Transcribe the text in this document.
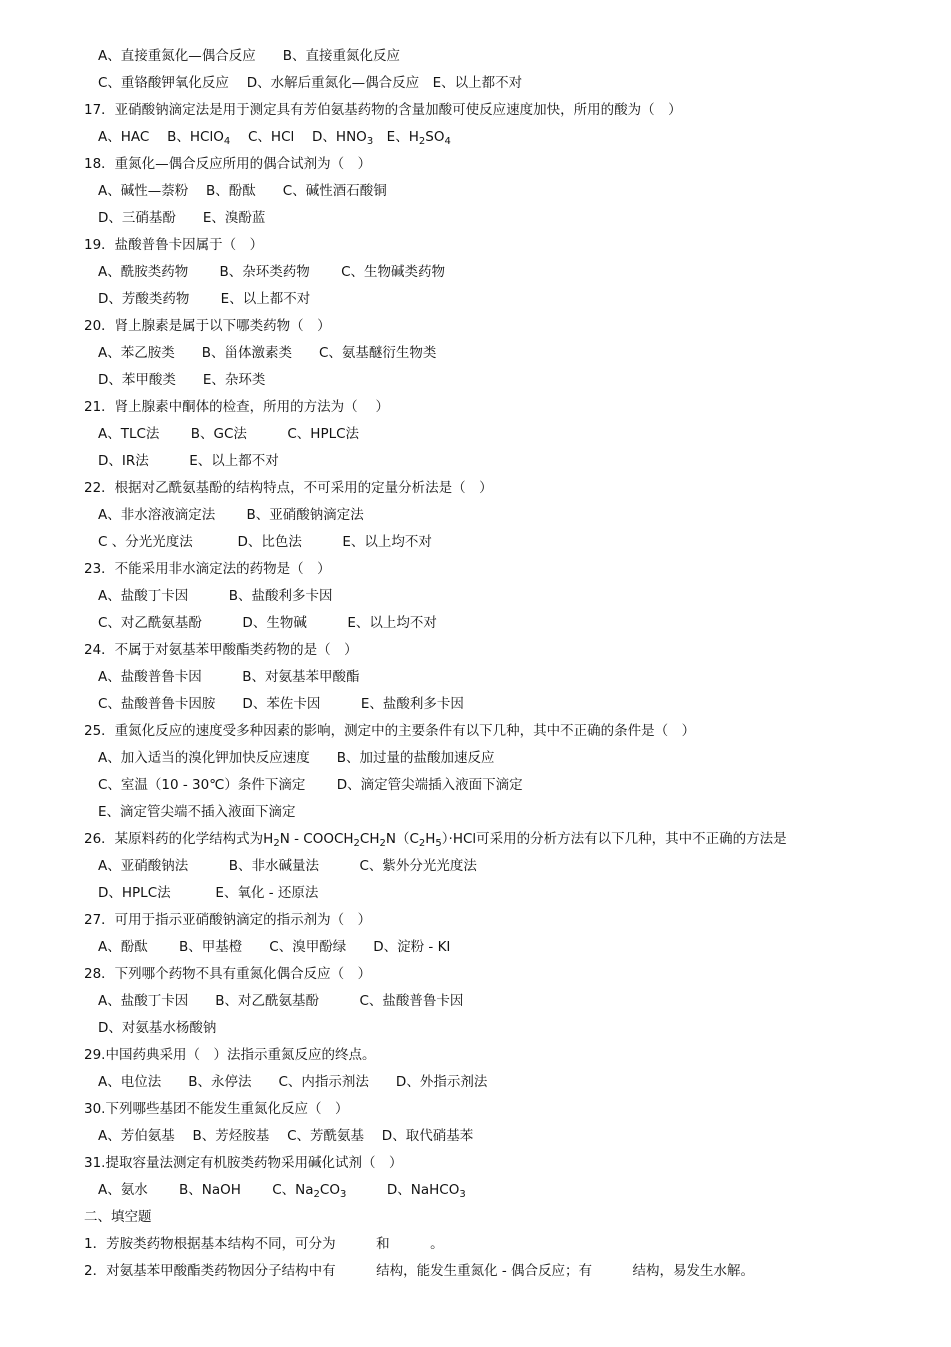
A、直接重氮化—偶合反应　　B、直接重氮化反应
C、重铬酸钾氧化反应　 D、水解后重氮化—偶合反应　E、以上都不对
17．亚硝酸钠滴定法是用于测定具有芳伯氨基药物的含量加酸可使反应速度加快，所用的酸为（　）
A、HAC　 B、HClO$_4$　 C、HCl　 D、$HNO_3$　E、$H_2SO_4$
18．重氮化—偶合反应所用的偶合试剂为（　）
A、碱性—萘粉　 B、酚酞　　C、碱性酒石酸铜
D、三硝基酚　　E、溴酚蓝
19．盐酸普鲁卡因属于（　）
A、酰胺类药物　　 B、杂环类药物　　 C、生物碱类药物
D、芳酸类药物　　 E、以上都不对
20．肾上腺素是属于以下哪类药物（　）
A、苯乙胺类　　B、甾体激素类　　C、氨基醚衍生物类
D、苯甲酸类　　E、杂环类
21．肾上腺素中酮体的检查，所用的方法为（　 ）
A、TLC法　　 B、GC法　　　C、HPLC法
D、IR法　　　E、以上都不对
22．根据对乙酰氨基酚的结构特点，不可采用的定量分析法是（　）
A、非水溶液滴定法　　 B、亚硝酸钠滴定法
C 、分光光度法　　　 D、比色法　　　E、以上均不对
23．不能采用非水滴定法的药物是（　）
A、盐酸丁卡因　　　B、盐酸利多卡因
C、对乙酰氨基酚　　　D、生物碱　　　E、以上均不对
24．不属于对氨基苯甲酸酯类药物的是（　）
A、盐酸普鲁卡因　　　B、对氨基苯甲酸酯
C、盐酸普鲁卡因胺　　D、苯佐卡因　　　E、盐酸利多卡因
25．重氮化反应的速度受多种因素的影响，测定中的主要条件有以下几种，其中不正确的条件是（　）
A、加入适当的溴化钾加快反应速度　　B、加过量的盐酸加速反应
C、室温（10 - 30℃）条件下滴定　　 D、滴定管尖端插入液面下滴定
E、滴定管尖端不插入液面下滴定
26．某原料药的化学结构式为$H_2N$ - $COOCH_2CH_2N(C_2H_5)\cdot HCl$可采用的分析方法有以下几种，其中不正确的方法是
A、亚硝酸钠法　　　B、非水碱量法　　　C、紫外分光光度法
D、HPLC法　　　 E、氧化 - 还原法
27．可用于指示亚硝酸钠滴定的指示剂为（　）
A、酚酞　　 B、甲基橙　　C、溴甲酚绿　　D、淀粉 - KI
28．下列哪个药物不具有重氮化偶合反应（　）
A、盐酸丁卡因　　B、对乙酰氨基酚　　　C、盐酸普鲁卡因
D、对氨基水杨酸钠
29.中国药典采用（　）法指示重氮反应的终点。
A、电位法　　B、永停法　　C、内指示剂法　　D、外指示剂法
30.下列哪些基团不能发生重氮化反应（　）
A、芳伯氨基　 B、芳烃胺基　 C、芳酰氨基　 D、取代硝基苯
31.提取容量法测定有机胺类药物采用碱化试剂（　）
A、氨水　　 B、NaOH　　 C、$Na_2CO_3$　　　D、NaHCO$_3$
二、填空题
1．芳胺类药物根据基本结构不同，可分为　　　和　　　。
2．对氨基苯甲酸酯类药物因分子结构中有　　　结构，能发生重氮化 - 偶合反应；有　　　结构，易发生水解。
